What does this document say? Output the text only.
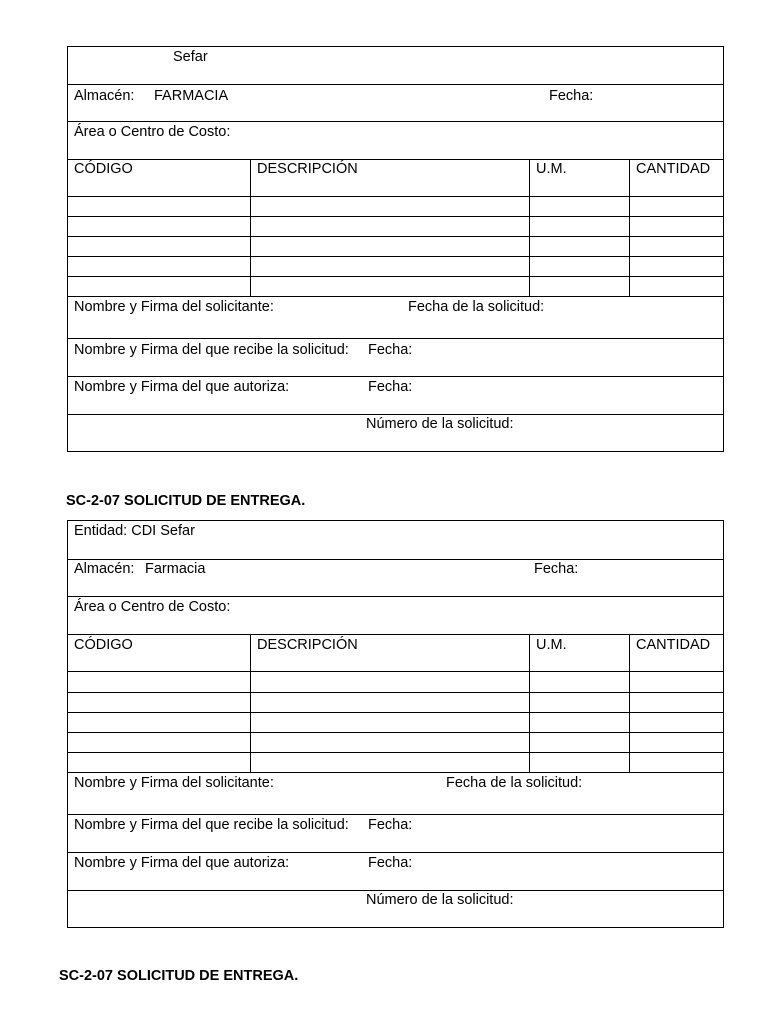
Sefar			

Almacén: FARMACIA Fecha:			

Área o Centro de Costo:			

CÓDIGO	DESCRIPCIÓN	U.M.	CANTIDAD

Nombre y Firma del solicitante: Fecha de la solicitud:			

Nombre y Firma del que recibe la solicitud: Fecha:			

Nombre y Firma del que autoriza: Fecha:			

Número de la solicitud:			
SC-2-07 SOLICITUD DE ENTREGA.
Entidad: CDI Sefar			

Almacén: Farmacia Fecha:			

Área o Centro de Costo:			

CÓDIGO	DESCRIPCIÓN	U.M.	CANTIDAD

Nombre y Firma del solicitante: Fecha de la solicitud:			

Nombre y Firma del que recibe la solicitud: Fecha:			

Nombre y Firma del que autoriza: Fecha:			

Número de la solicitud:			
SC-2-07 SOLICITUD DE ENTREGA.
